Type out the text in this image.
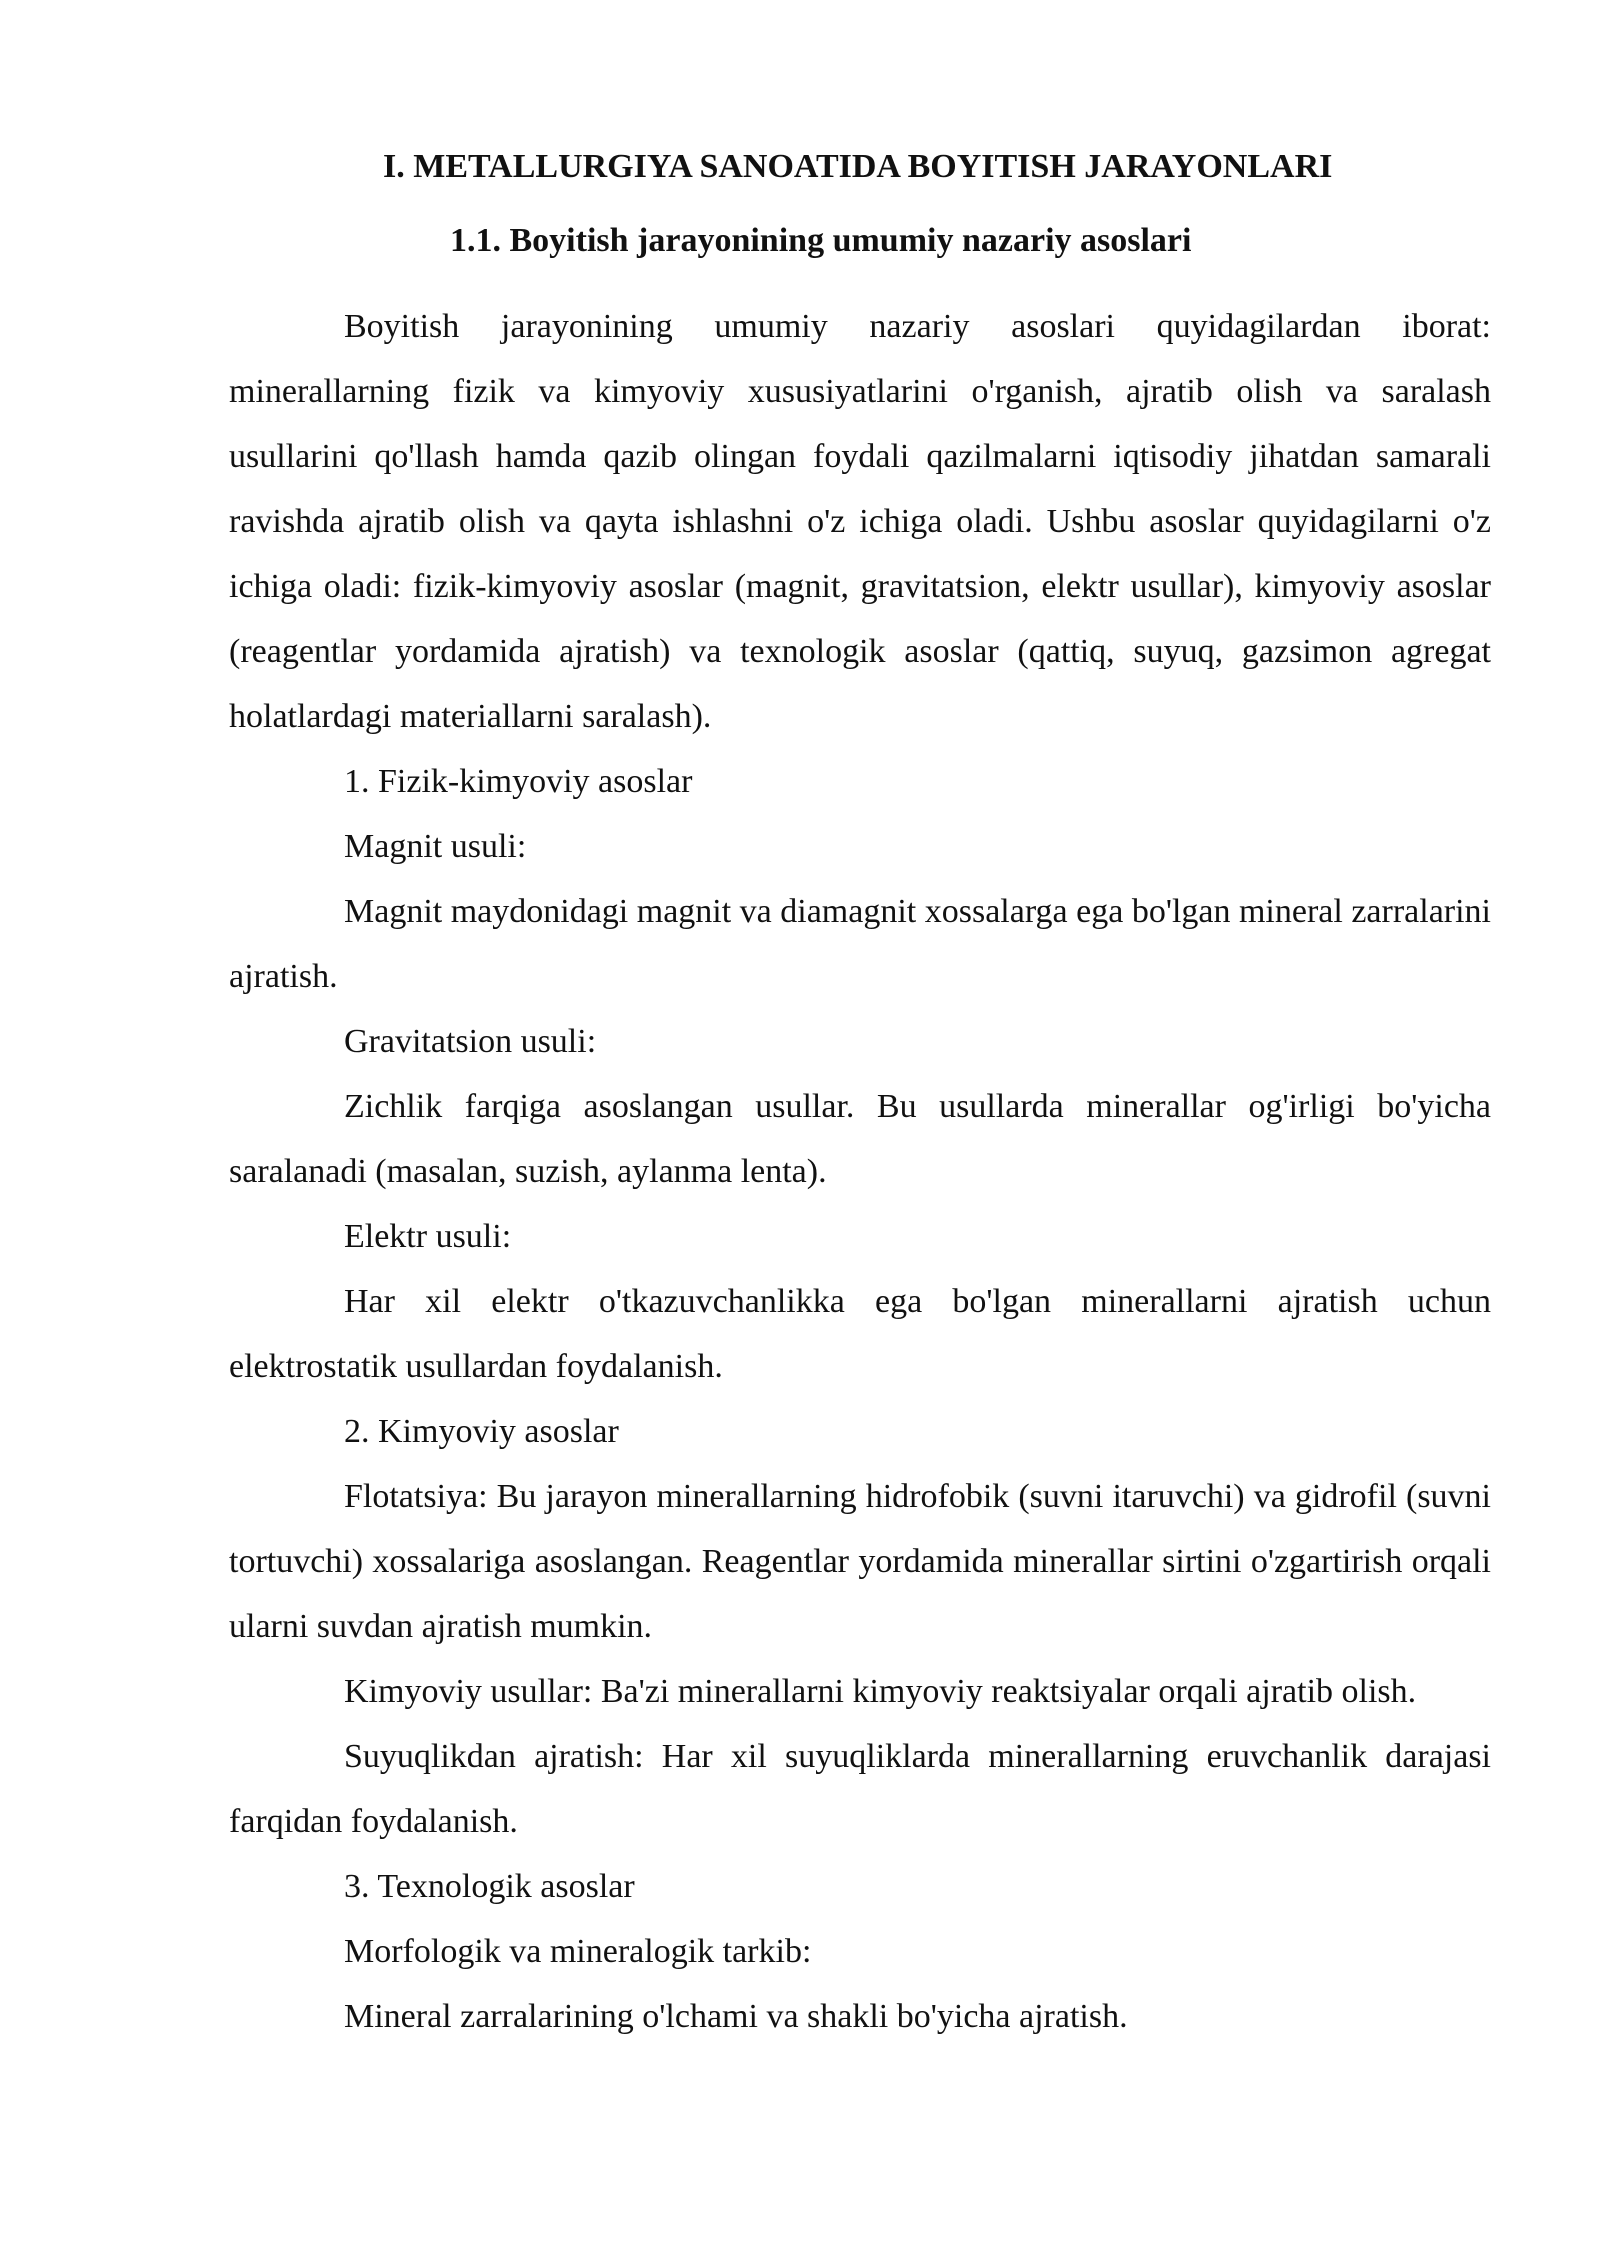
I. METALLURGIYA SANOATIDA BOYITISH JARAYONLARI
1.1. Boyitish jarayonining umumiy nazariy asoslari

Boyitish jarayonining umumiy nazariy asoslari quyidagilardan iborat: minerallarning fizik va kimyoviy xususiyatlarini o'rganish, ajratib olish va saralash usullarini qo'llash hamda qazib olingan foydali qazilmalarni iqtisodiy jihatdan samarali ravishda ajratib olish va qayta ishlashni o'z ichiga oladi. Ushbu asoslar quyidagilarni o'z ichiga oladi: fizik-kimyoviy asoslar (magnit, gravitatsion, elektr usullar), kimyoviy asoslar (reagentlar yordamida ajratish) va texnologik asoslar (qattiq, suyuq, gazsimon agregat holatlardagi materiallarni saralash).

1. Fizik-kimyoviy asoslar

Magnit usuli:

Magnit maydonidagi magnit va diamagnit xossalarga ega bo'lgan mineral zarralarini ajratish.

Gravitatsion usuli:

Zichlik farqiga asoslangan usullar. Bu usullarda minerallar og'irligi bo'yicha saralanadi (masalan, suzish, aylanma lenta).

Elektr usuli:

Har xil elektr o'tkazuvchanlikka ega bo'lgan minerallarni ajratish uchun elektrostatik usullardan foydalanish.

2. Kimyoviy asoslar

Flotatsiya: Bu jarayon minerallarning hidrofobik (suvni itaruvchi) va gidrofil (suvni tortuvchi) xossalariga asoslangan. Reagentlar yordamida minerallar sirtini o'zgartirish orqali ularni suvdan ajratish mumkin.

Kimyoviy usullar: Ba'zi minerallarni kimyoviy reaktsiyalar orqali ajratib olish.

Suyuqlikdan ajratish: Har xil suyuqliklarda minerallarning eruvchanlik darajasi farqidan foydalanish.

3. Texnologik asoslar

Morfologik va mineralogik tarkib:

Mineral zarralarining o'lchami va shakli bo'yicha ajratish.
